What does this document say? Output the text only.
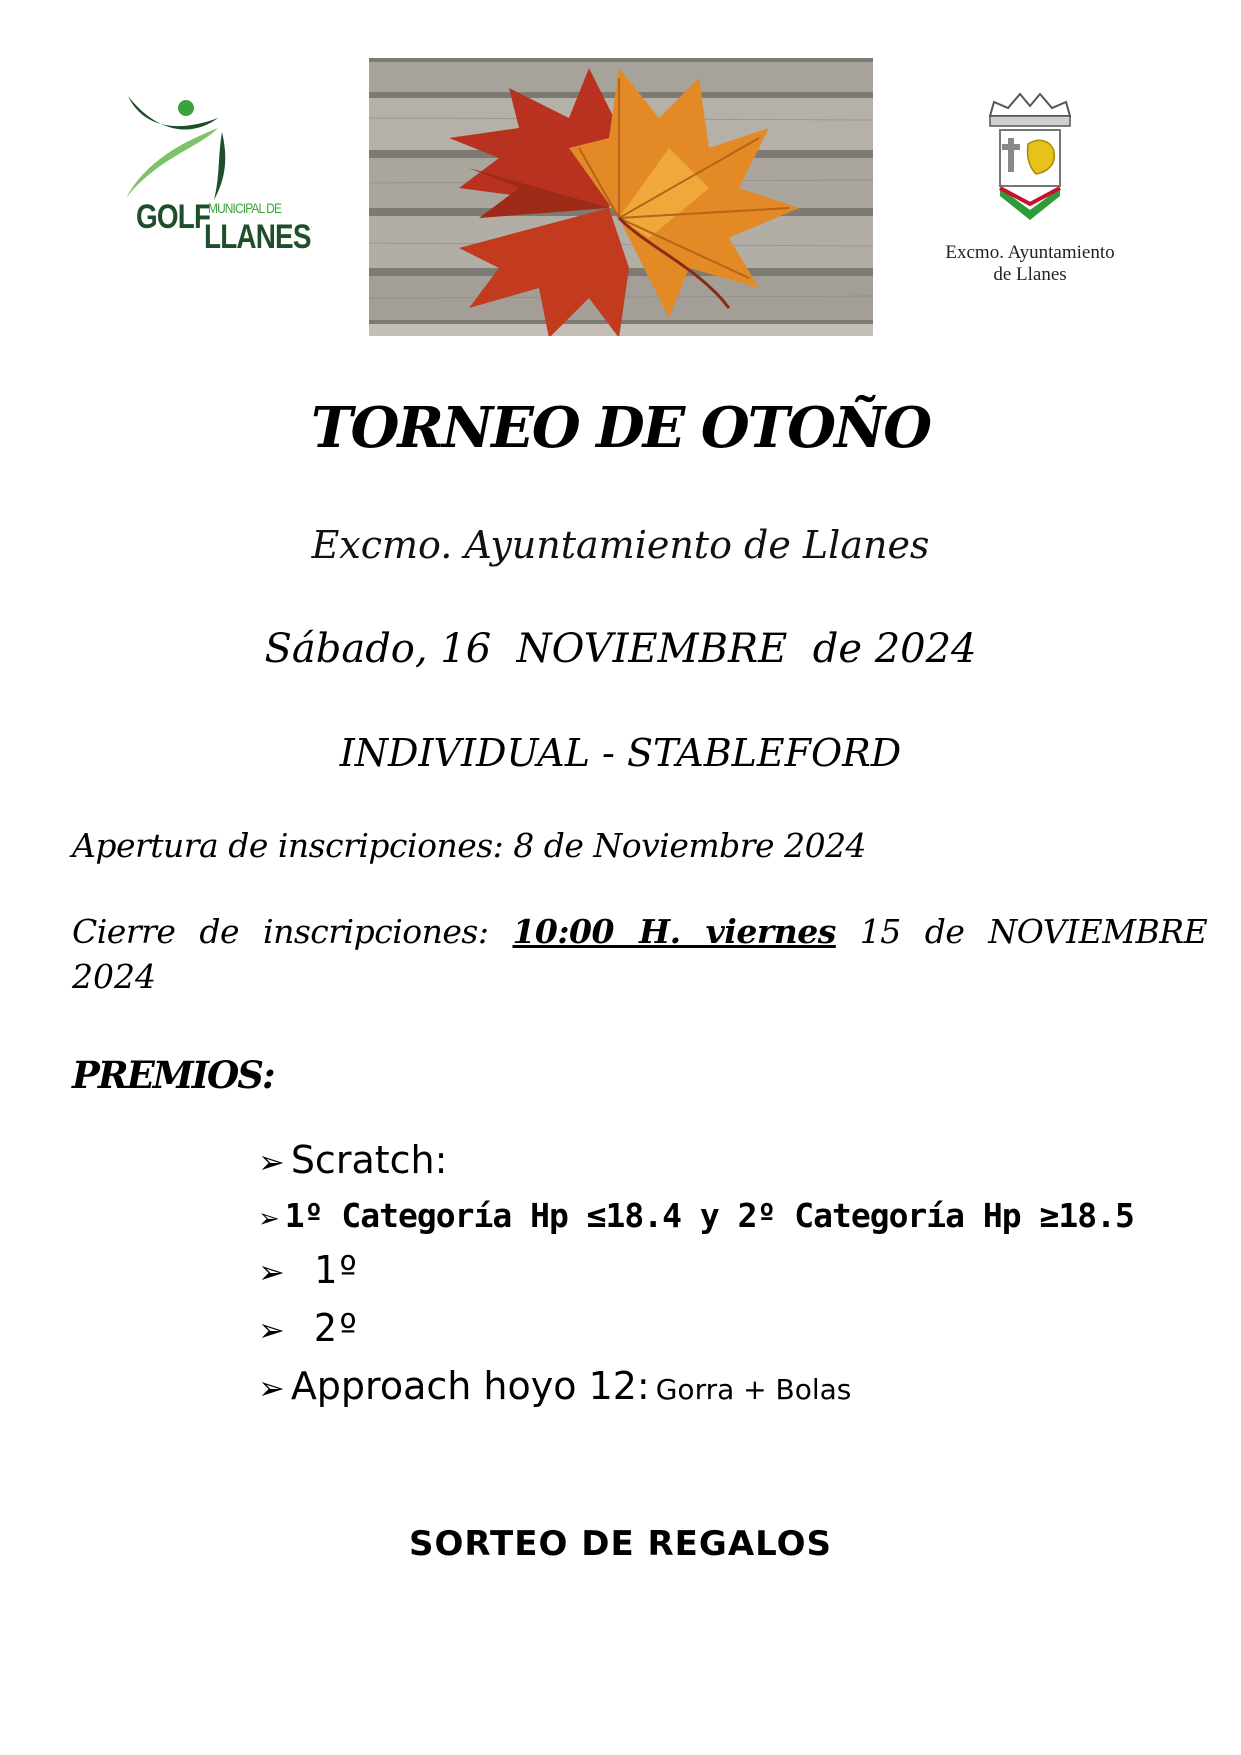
GOLF
MUNICIPAL DE
LLANES	Excmo. Ayuntamiento
de Llanes
TORNEO DE OTOÑO
Excmo. Ayuntamiento de Llanes
Sábado, 16  NOVIEMBRE  de 2024
INDIVIDUAL - STABLEFORD
Apertura de inscripciones: 8 de Noviembre 2024
Cierre de inscripciones: 10:00 H. viernes 15 de NOVIEMBRE
2024
PREMIOS:
➢ Scratch:
➢ 1º Categoría Hp ≤18.4 y 2º Categoría Hp ≥18.5
➢ 1º
➢ 2º
➢ Approach hoyo 12: Gorra + Bolas
SORTEO DE REGALOS
